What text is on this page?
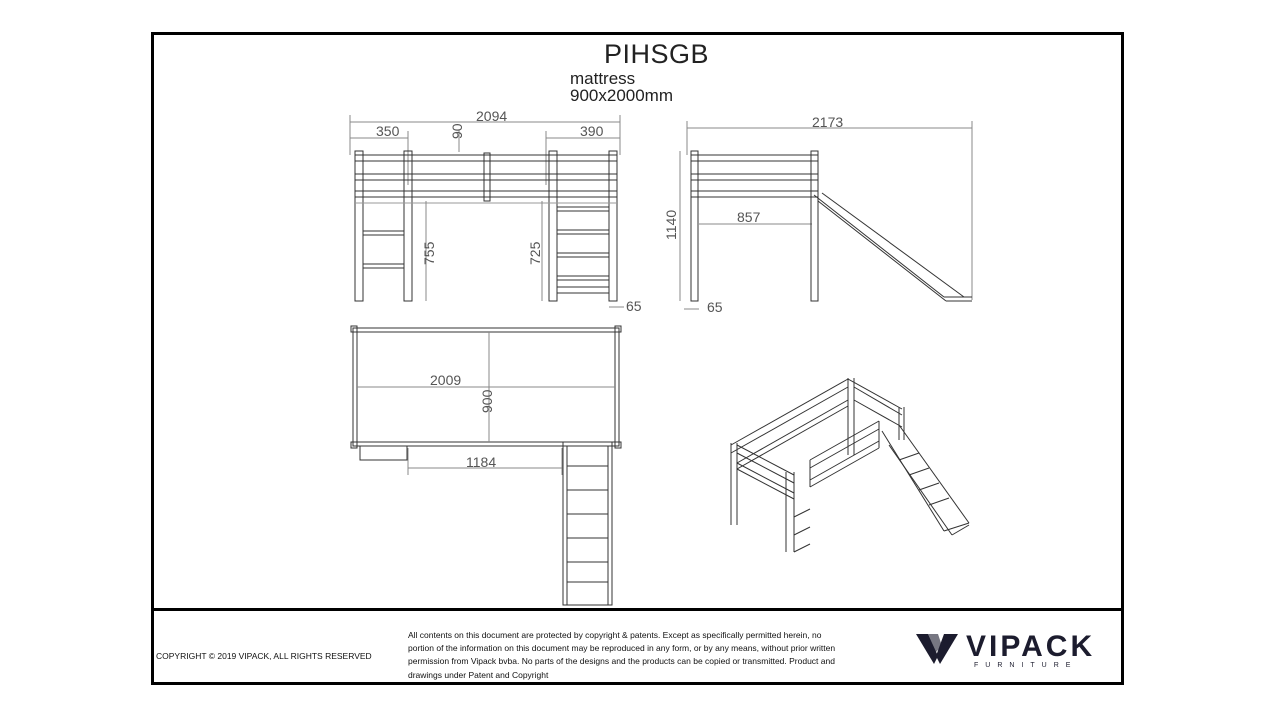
PIHSGB
mattress
900x2000mm
2094
350	390
90
755	725
65
2173
1140	857
65
2009
900
1184
COPYRIGHT © 2019 VIPACK, ALL RIGHTS RESERVED
All contents on this document are protected by copyright & patents. Except as specifically permitted herein, no portion of the information on this document may be reproduced in any form, or by any means, without prior written permission from Vipack bvba. No parts of the designs and the products can be copied or transmitted. Product and drawings under Patent and Copyright
VIPACK
FURNITURE
